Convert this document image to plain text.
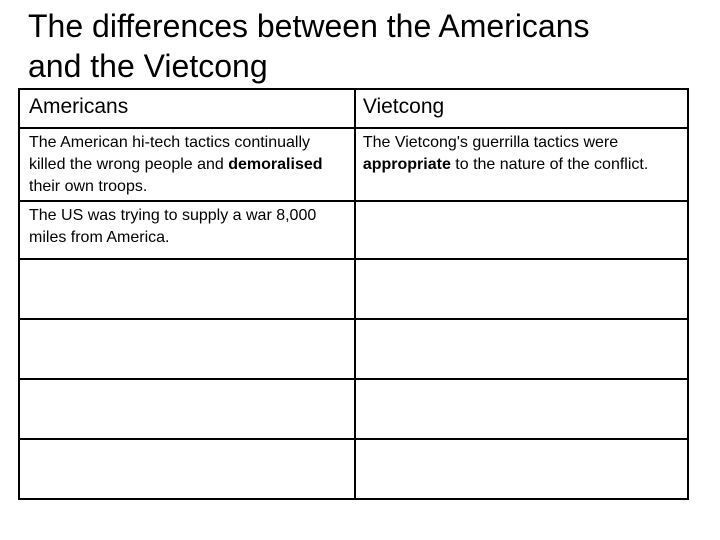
The differences between the Americans
and the Vietcong
Americans	Vietcong
The American hi-tech tactics continually killed the wrong people and demoralised their own troops.	The Vietcong's guerrilla tactics were appropriate to the nature of the conflict.
The US was trying to supply a war 8,000 miles from America.	
